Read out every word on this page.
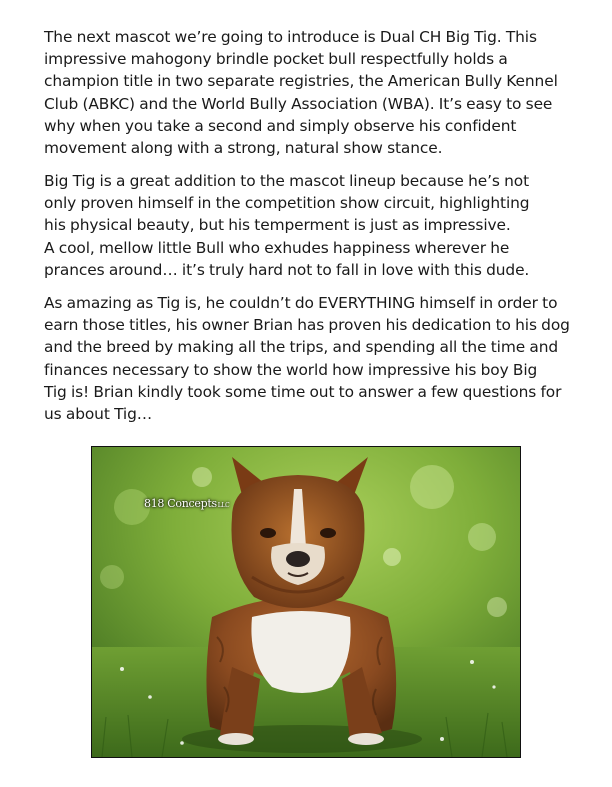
The next mascot we’re going to introduce is Dual CH Big Tig. This
impressive mahogony brindle pocket bull respectfully holds a
champion title in two separate registries, the American Bully Kennel
Club (ABKC) and the World Bully Association (WBA). It’s easy to see
why when you take a second and simply observe his confident
movement along with a strong, natural show stance.

Big Tig is a great addition to the mascot lineup because he’s not
only proven himself in the competition show circuit, highlighting
his physical beauty, but his temperment is just as impressive.
A cool, mellow little Bull who exhudes happiness wherever he
prances around… it’s truly hard not to fall in love with this dude.

As amazing as Tig is, he couldn’t do EVERYTHING himself in order to
earn those titles, his owner Brian has proven his dedication to his dog
and the breed by making all the trips, and spending all the time and
finances necessary to show the world how impressive his boy Big
Tig is! Brian kindly took some time out to answer a few questions for
us about Tig…

818 ConceptsLLC
